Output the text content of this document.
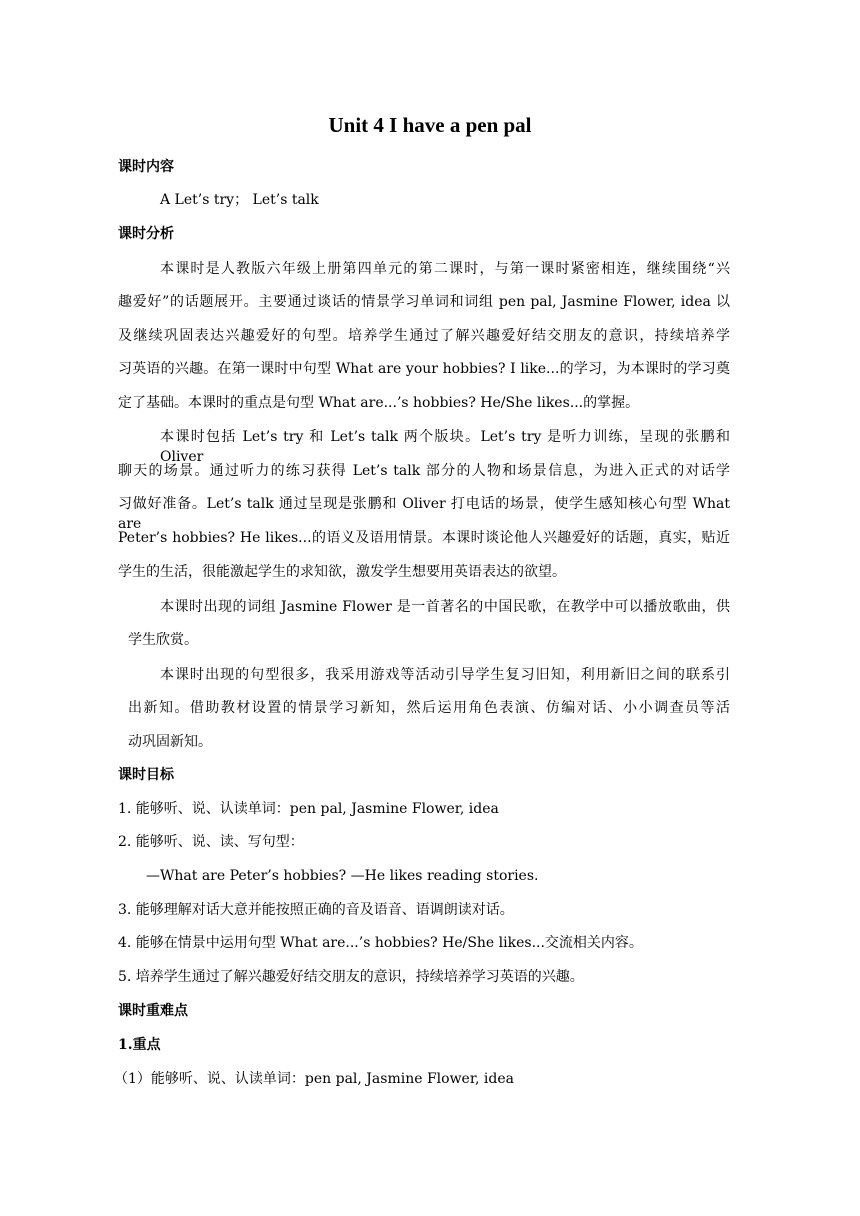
Unit 4 I have a pen pal
课时内容
A Let’s try； Let’s talk
课时分析
本课时是人教版六年级上册第四单元的第二课时，与第一课时紧密相连，继续围绕“兴
趣爱好”的话题展开。主要通过谈话的情景学习单词和词组 pen pal, Jasmine Flower, idea 以
及继续巩固表达兴趣爱好的句型。培养学生通过了解兴趣爱好结交朋友的意识，持续培养学
习英语的兴趣。在第一课时中句型 What are your hobbies? I like...的学习，为本课时的学习奠
定了基础。本课时的重点是句型 What are...’s hobbies? He/She likes...的掌握。
本课时包括 Let’s try 和 Let’s talk 两个版块。Let’s try 是听力训练，呈现的张鹏和 Oliver
聊天的场景。通过听力的练习获得 Let’s talk 部分的人物和场景信息，为进入正式的对话学
习做好准备。Let’s talk 通过呈现是张鹏和 Oliver 打电话的场景，使学生感知核心句型 What are
Peter’s hobbies? He likes...的语义及语用情景。本课时谈论他人兴趣爱好的话题，真实，贴近
学生的生活，很能激起学生的求知欲，激发学生想要用英语表达的欲望。
本课时出现的词组 Jasmine Flower 是一首著名的中国民歌，在教学中可以播放歌曲，供
学生欣赏。
本课时出现的句型很多，我采用游戏等活动引导学生复习旧知，利用新旧之间的联系引
出新知。借助教材设置的情景学习新知，然后运用角色表演、仿编对话、小小调查员等活
动巩固新知。
课时目标
1. 能够听、说、认读单词：pen pal, Jasmine Flower, idea
2. 能够听、说、读、写句型：
—What are Peter’s hobbies? —He likes reading stories.
3. 能够理解对话大意并能按照正确的音及语音、语调朗读对话。
4. 能够在情景中运用句型 What are...’s hobbies? He/She likes...交流相关内容。
5. 培养学生通过了解兴趣爱好结交朋友的意识，持续培养学习英语的兴趣。
课时重难点
1.重点
（1）能够听、说、认读单词：pen pal, Jasmine Flower, idea
